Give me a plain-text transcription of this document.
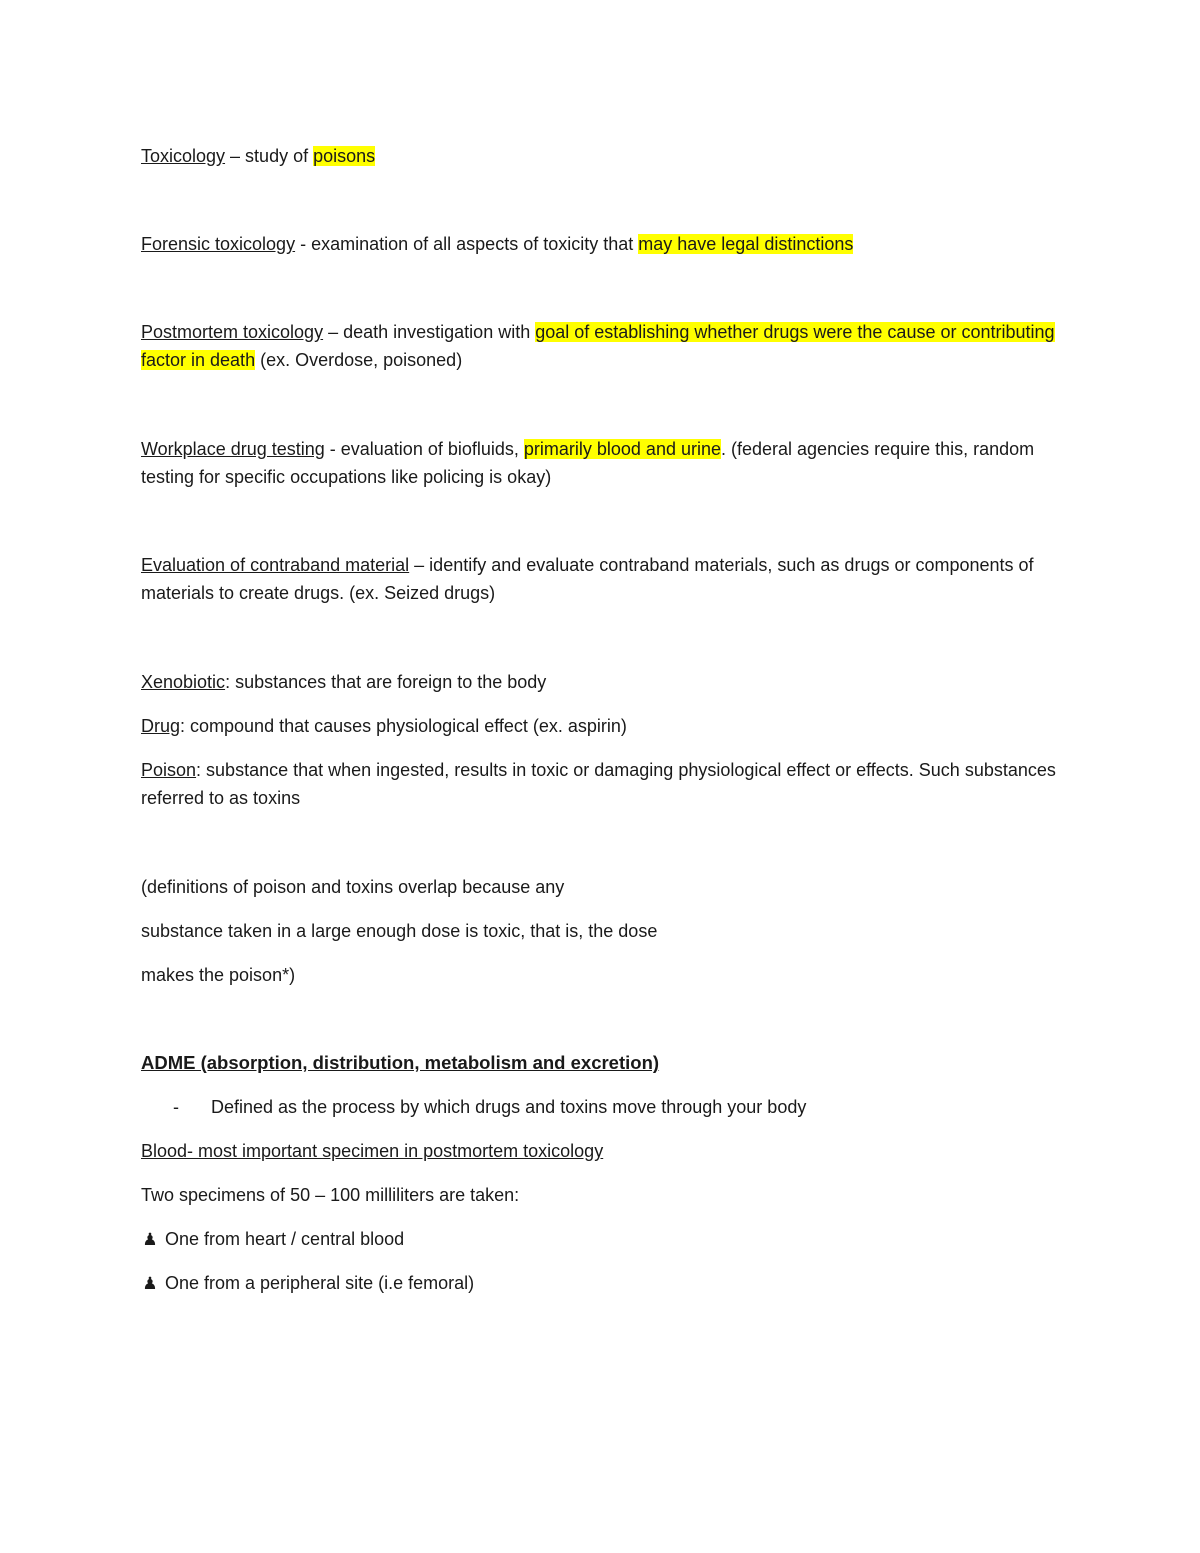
Toxicology – study of poisons

Forensic toxicology - examination of all aspects of toxicity that may have legal distinctions

Postmortem toxicology – death investigation with goal of establishing whether drugs were the cause or contributing factor in death (ex. Overdose, poisoned)

Workplace drug testing - evaluation of biofluids, primarily blood and urine. (federal agencies require this, random testing for specific occupations like policing is okay)

Evaluation of contraband material – identify and evaluate contraband materials, such as drugs or components of materials to create drugs. (ex. Seized drugs)

Xenobiotic: substances that are foreign to the body

Drug: compound that causes physiological effect (ex. aspirin)

Poison: substance that when ingested, results in toxic or damaging physiological effect or effects. Such substances referred to as toxins

(definitions of poison and toxins overlap because any

substance taken in a large enough dose is toxic, that is, the dose

makes the poison*)

ADME (absorption, distribution, metabolism and excretion)

- Defined as the process by which drugs and toxins move through your body

Blood- most important specimen in postmortem toxicology

Two specimens of 50 – 100 milliliters are taken:

♟ One from heart / central blood

♟ One from a peripheral site (i.e femoral)
